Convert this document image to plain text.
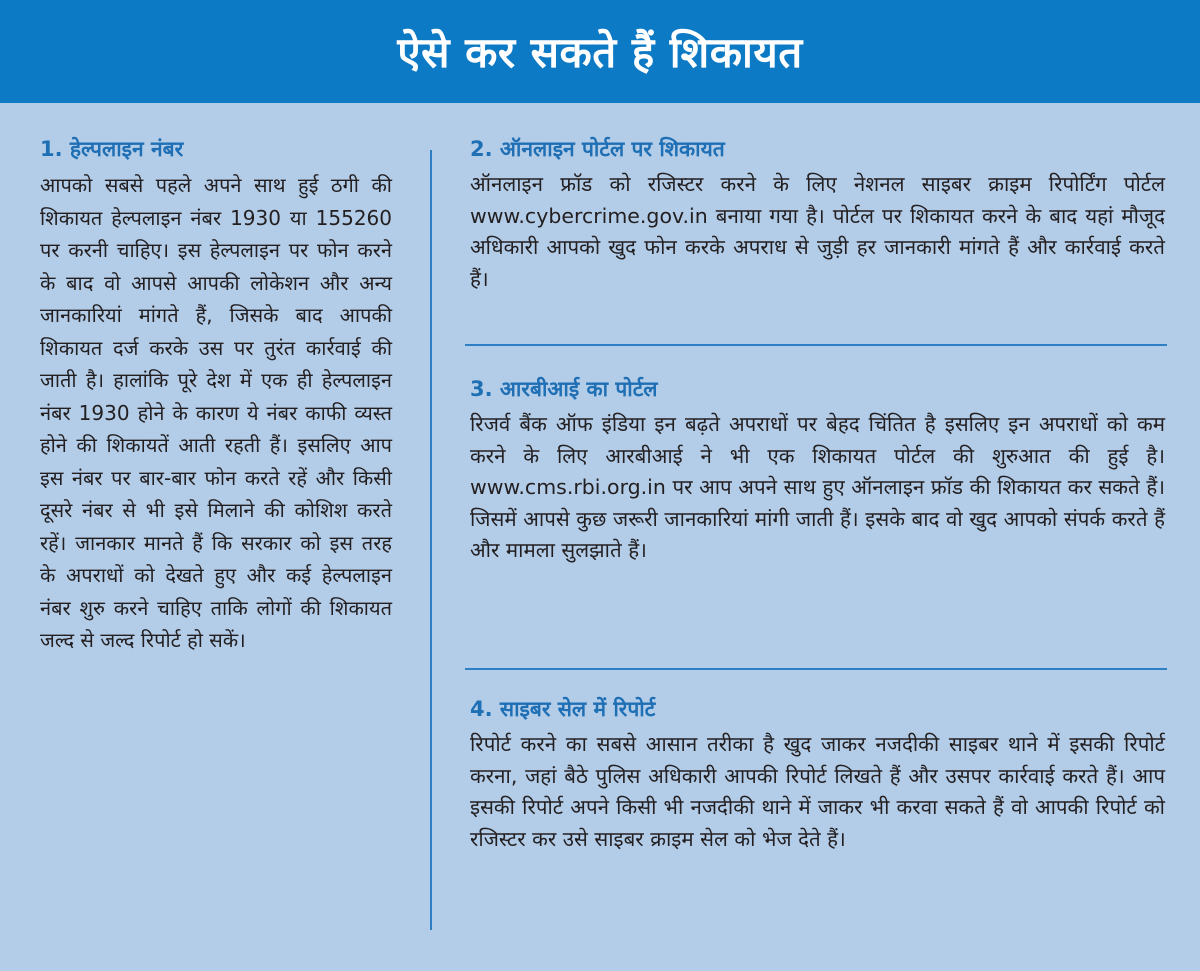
ऐसे कर सकते हैं शिकायत
1. हेल्पलाइन नंबर

आपको सबसे पहले अपने साथ हुई ठगी की शिकायत हेल्पलाइन नंबर 1930 या 155260 पर करनी चाहिए। इस हेल्पलाइन पर फोन करने के बाद वो आपसे आपकी लोकेशन और अन्य जानकारियां मांगते हैं, जिसके बाद आपकी शिकायत दर्ज करके उस पर तुरंत कार्रवाई की जाती है। हालांकि पूरे देश में एक ही हेल्पलाइन नंबर 1930 होने के कारण ये नंबर काफी व्यस्त होने की शिकायतें आती रहती हैं। इसलिए आप इस नंबर पर बार-बार फोन करते रहें और किसी दूसरे नंबर से भी इसे मिलाने की कोशिश करते रहें। जानकार मानते हैं कि सरकार को इस तरह के अपराधों को देखते हुए और कई हेल्पलाइन नंबर शुरु करने चाहिए ताकि लोगों की शिकायत जल्द से जल्द रिपोर्ट हो सकें।

2. ऑनलाइन पोर्टल पर शिकायत

ऑनलाइन फ्रॉड को रजिस्टर करने के लिए नेशनल साइबर क्राइम रिपोर्टिंग पोर्टल www.cybercrime.gov.in बनाया गया है। पोर्टल पर शिकायत करने के बाद यहां मौजूद अधिकारी आपको खुद फोन करके अपराध से जुड़ी हर जानकारी मांगते हैं और कार्रवाई करते हैं।

3. आरबीआई का पोर्टल

रिजर्व बैंक ऑफ इंडिया इन बढ़ते अपराधों पर बेहद चिंतित है इसलिए इन अपराधों को कम करने के लिए आरबीआई ने भी एक शिकायत पोर्टल की शुरुआत की हुई है। www.cms.rbi.org.in पर आप अपने साथ हुए ऑनलाइन फ्रॉड की शिकायत कर सकते हैं। जिसमें आपसे कुछ जरूरी जानकारियां मांगी जाती हैं। इसके बाद वो खुद आपको संपर्क करते हैं और मामला सुलझाते हैं।

4. साइबर सेल में रिपोर्ट

रिपोर्ट करने का सबसे आसान तरीका है खुद जाकर नजदीकी साइबर थाने में इसकी रिपोर्ट करना, जहां बैठे पुलिस अधिकारी आपकी रिपोर्ट लिखते हैं और उसपर कार्रवाई करते हैं। आप इसकी रिपोर्ट अपने किसी भी नजदीकी थाने में जाकर भी करवा सकते हैं वो आपकी रिपोर्ट को रजिस्टर कर उसे साइबर क्राइम सेल को भेज देते हैं।
